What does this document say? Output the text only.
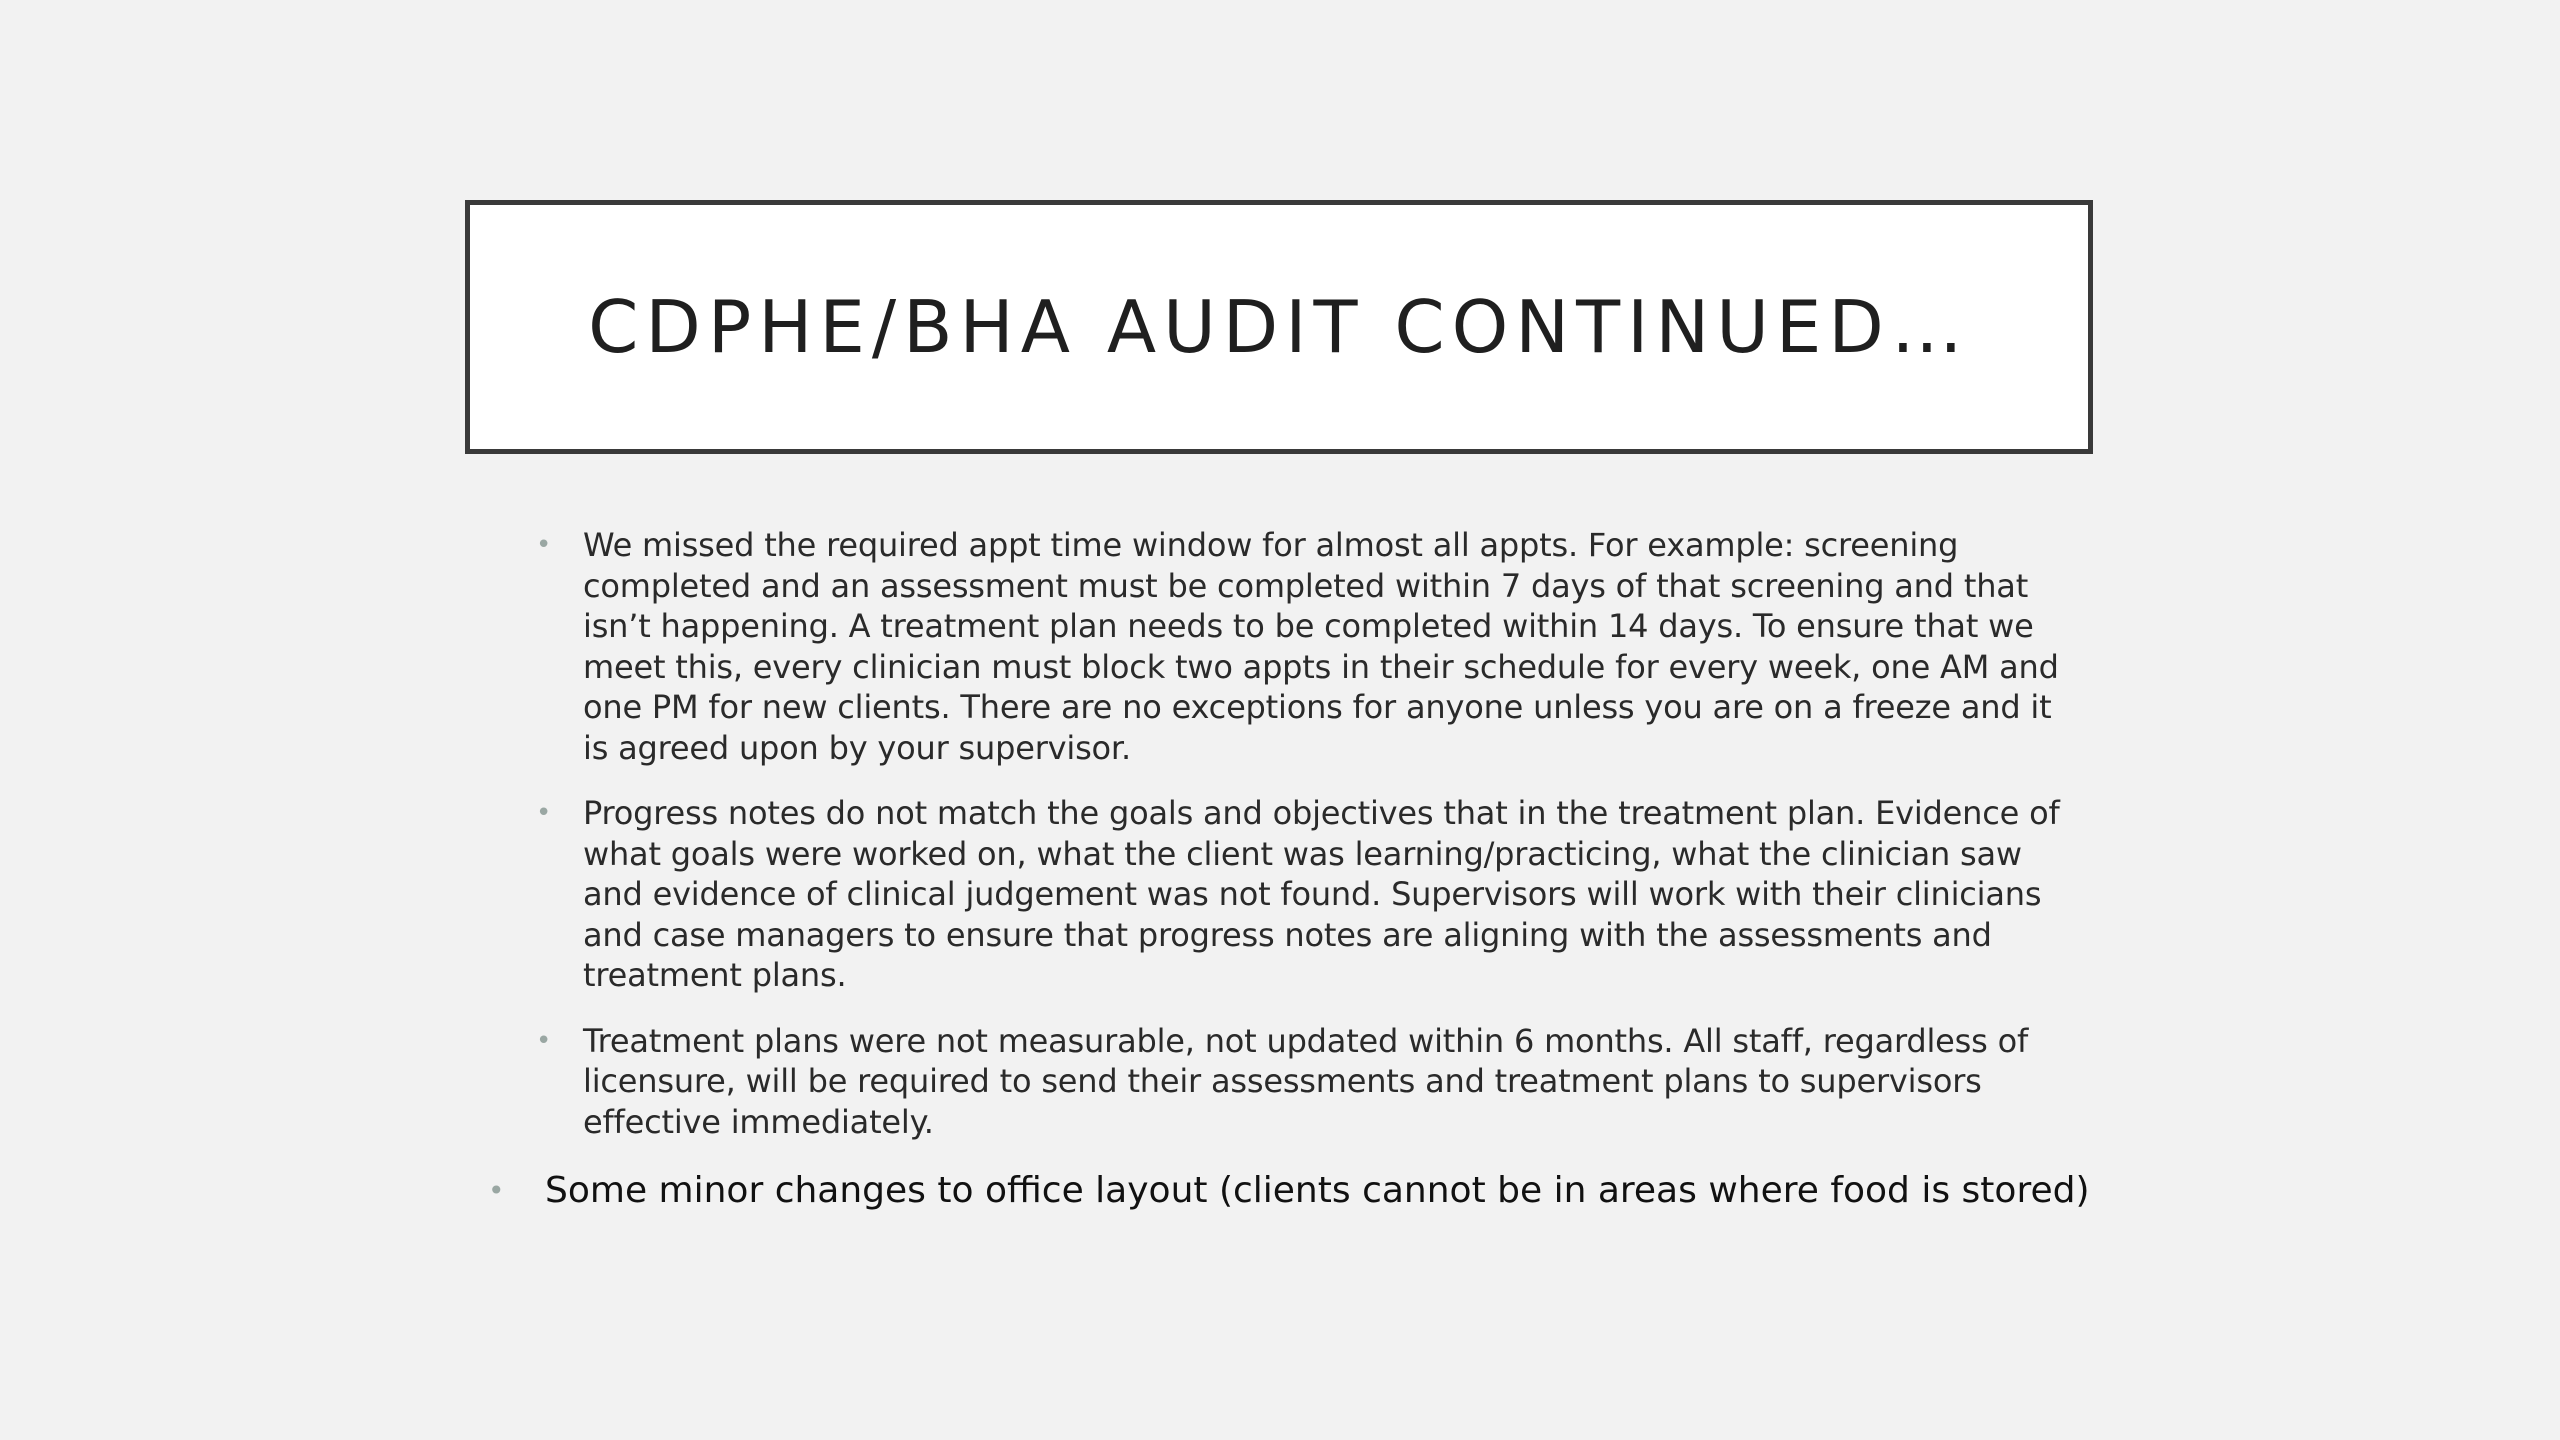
CDPHE/BHA AUDIT CONTINUED…
• We missed the required appt time window for almost all appts. For example: screening completed and an assessment must be completed within 7 days of that screening and that isn’t happening. A treatment plan needs to be completed within 14 days. To ensure that we meet this, every clinician must block two appts in their schedule for every week, one AM and one PM for new clients. There are no exceptions for anyone unless you are on a freeze and it is agreed upon by your supervisor.
• Progress notes do not match the goals and objectives that in the treatment plan. Evidence of what goals were worked on, what the client was learning/practicing, what the clinician saw and evidence of clinical judgement was not found. Supervisors will work with their clinicians and case managers to ensure that progress notes are aligning with the assessments and treatment plans.
• Treatment plans were not measurable, not updated within 6 months. All staff, regardless of licensure, will be required to send their assessments and treatment plans to supervisors effective immediately.
• Some minor changes to office layout (clients cannot be in areas where food is stored)
